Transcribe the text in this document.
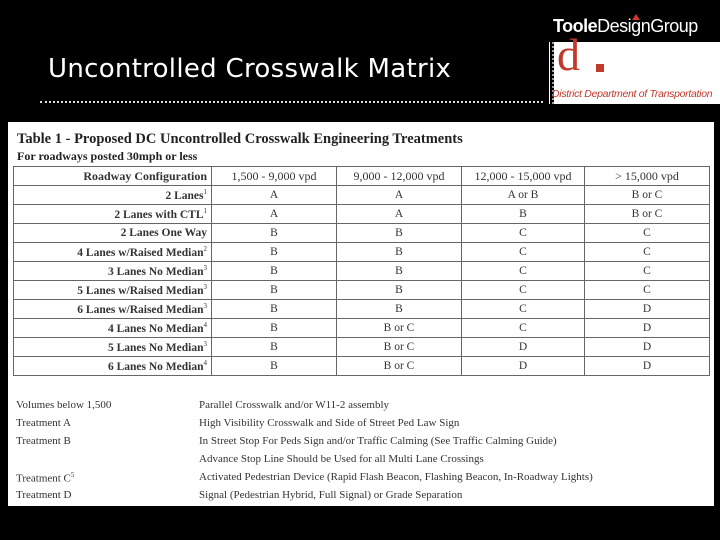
Uncontrolled Crosswalk Matrix
TooleDesignGroup
d
District Department of Transportation
Table 1 - Proposed DC Uncontrolled Crosswalk Engineering Treatments
For roadways posted 30mph or less
Roadway Configuration	1,500 - 9,000 vpd	9,000 - 12,000 vpd	12,000 - 15,000 vpd	> 15,000 vpd
2 Lanes$^1$	A	A	A or B	B or C
2 Lanes with CTL$^1$	A	A	B	B or C
2 Lanes One Way	B	B	C	C
4 Lanes w/Raised Median$^2$	B	B	C	C
3 Lanes No Median$^3$	B	B	C	C
5 Lanes w/Raised Median$^3$	B	B	C	C
6 Lanes w/Raised Median$^3$	B	B	C	D
4 Lanes No Median$^4$	B	B or C	C	D
5 Lanes No Median$^3$	B	B or C	D	D
6 Lanes No Median$^4$	B	B or C	D	D
Volumes below 1,500	Parallel Crosswalk and/or W11-2 assembly
Treatment A	High Visibility Crosswalk and Side of Street Ped Law Sign
Treatment B	In Street Stop For Peds Sign and/or Traffic Calming (See Traffic Calming Guide)
Advance Stop Line Should be Used for all Multi Lane Crossings
Treatment $C^5$	Activated Pedestrian Device (Rapid Flash Beacon, Flashing Beacon, In-Roadway Lights)
Treatment D	Signal (Pedestrian Hybrid, Full Signal) or Grade Separation
